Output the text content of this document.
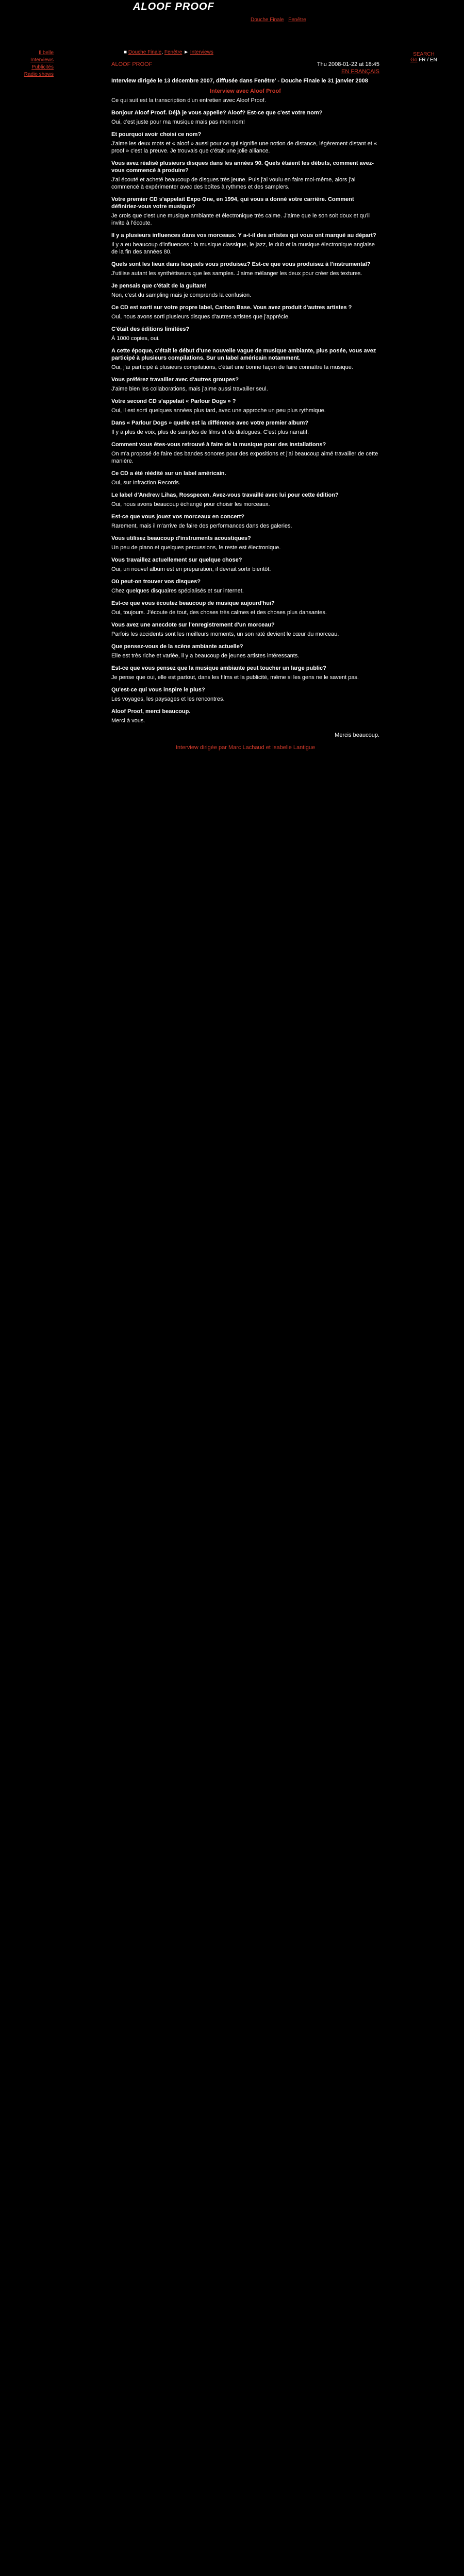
ALOOF PROOF
Douche Finale Fenêtre
Il belle
Interviews
Publicités
Radio shows
■ Douche Finale, Fenêtre ► Interviews	SEARCH
Go FR / EN
ALOOF PROOF	Thu 2008-01-22 at 18:45
EN FRANÇAIS
Interview dirigée le 13 décembre 2007, diffusée dans Fenêtre' - Douche Finale le 31 janvier 2008
Interview avec Aloof Proof

Ce qui suit est la transcription d'un entretien avec Aloof Proof.

Bonjour Aloof Proof. Déjà je vous appelle? Aloof? Est-ce que c'est votre nom?

Oui, c'est juste pour ma musique mais pas mon nom!

Et pourquoi avoir choisi ce nom?

J'aime les deux mots et « aloof » aussi pour ce qui signifie une notion de distance, légèrement distant et « proof » c'est la preuve. Je trouvais que c'était une jolie alliance.

Vous avez réalisé plusieurs disques dans les années 90. Quels étaient les débuts, comment avez-vous commencé à produire?

J'ai écouté et acheté beaucoup de disques très jeune. Puis j'ai voulu en faire moi-même, alors j'ai commencé à expérimenter avec des boîtes à rythmes et des samplers.

Votre premier CD s'appelait Expo One, en 1994, qui vous a donné votre carrière. Comment définiriez-vous votre musique?

Je crois que c'est une musique ambiante et électronique très calme. J'aime que le son soit doux et qu'il invite à l'écoute.

Il y a plusieurs influences dans vos morceaux. Y a-t-il des artistes qui vous ont marqué au départ?

Il y a eu beaucoup d'influences : la musique classique, le jazz, le dub et la musique électronique anglaise de la fin des années 80.

Quels sont les lieux dans lesquels vous produisez? Est-ce que vous produisez à l'instrumental?

J'utilise autant les synthétiseurs que les samples. J'aime mélanger les deux pour créer des textures.

Je pensais que c'était de la guitare!

Non, c'est du sampling mais je comprends la confusion.

Ce CD est sorti sur votre propre label, Carbon Base. Vous avez produit d'autres artistes ?

Oui, nous avons sorti plusieurs disques d'autres artistes que j'apprécie.

C'était des éditions limitées?

À 1000 copies, oui.

A cette époque, c'était le début d'une nouvelle vague de musique ambiante, plus posée, vous avez participé à plusieurs compilations. Sur un label américain notamment.

Oui, j'ai participé à plusieurs compilations, c'était une bonne façon de faire connaître la musique.

Vous préférez travailler avec d'autres groupes?

J'aime bien les collaborations, mais j'aime aussi travailler seul.

Votre second CD s'appelait « Parlour Dogs » ?

Oui, il est sorti quelques années plus tard, avec une approche un peu plus rythmique.

Dans « Parlour Dogs » quelle est la différence avec votre premier album?

Il y a plus de voix, plus de samples de films et de dialogues. C'est plus narratif.

Comment vous êtes-vous retrouvé à faire de la musique pour des installations?

On m'a proposé de faire des bandes sonores pour des expositions et j'ai beaucoup aimé travailler de cette manière.

Ce CD a été réédité sur un label américain.

Oui, sur Infraction Records.

Le label d'Andrew Lihas, Rosspecen. Avez-vous travaillé avec lui pour cette édition?

Oui, nous avons beaucoup échangé pour choisir les morceaux.

Est-ce que vous jouez vos morceaux en concert?

Rarement, mais il m'arrive de faire des performances dans des galeries.

Vous utilisez beaucoup d'instruments acoustiques?

Un peu de piano et quelques percussions, le reste est électronique.

Vous travaillez actuellement sur quelque chose?

Oui, un nouvel album est en préparation, il devrait sortir bientôt.

Où peut-on trouver vos disques?

Chez quelques disquaires spécialisés et sur internet.

Est-ce que vous écoutez beaucoup de musique aujourd'hui?

Oui, toujours. J'écoute de tout, des choses très calmes et des choses plus dansantes.

Vous avez une anecdote sur l'enregistrement d'un morceau?

Parfois les accidents sont les meilleurs moments, un son raté devient le cœur du morceau.

Que pensez-vous de la scène ambiante actuelle?

Elle est très riche et variée, il y a beaucoup de jeunes artistes intéressants.

Est-ce que vous pensez que la musique ambiante peut toucher un large public?

Je pense que oui, elle est partout, dans les films et la publicité, même si les gens ne le savent pas.

Qu'est-ce qui vous inspire le plus?

Les voyages, les paysages et les rencontres.

Aloof Proof, merci beaucoup.

Merci à vous.

Mercis beaucoup.
Interview dirigée par Marc Lachaud et Isabelle Lantigue
